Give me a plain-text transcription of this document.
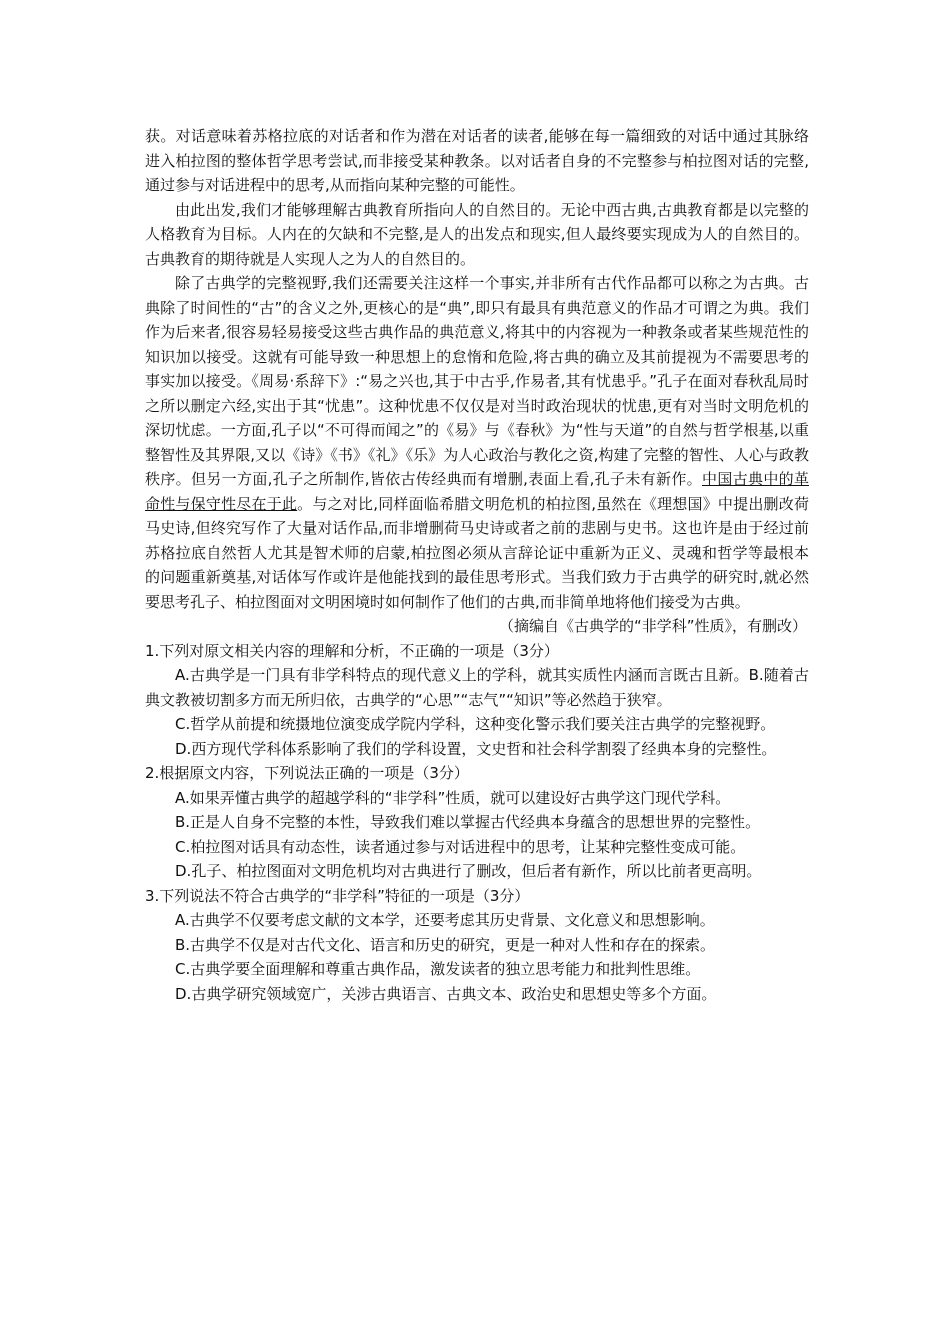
获。对话意味着苏格拉底的对话者和作为潜在对话者的读者,能够在每一篇细致的对话中通过其脉络进入柏拉图的整体哲学思考尝试,而非接受某种教条。以对话者自身的不完整参与柏拉图对话的完整,通过参与对话进程中的思考,从而指向某种完整的可能性。

由此出发,我们才能够理解古典教育所指向人的自然目的。无论中西古典,古典教育都是以完整的人格教育为目标。人内在的欠缺和不完整,是人的出发点和现实,但人最终要实现成为人的自然目的。古典教育的期待就是人实现人之为人的自然目的。

除了古典学的完整视野,我们还需要关注这样一个事实,并非所有古代作品都可以称之为古典。古典除了时间性的“古”的含义之外,更核心的是“典”,即只有最具有典范意义的作品才可谓之为典。我们作为后来者,很容易轻易接受这些古典作品的典范意义,将其中的内容视为一种教条或者某些规范性的知识加以接受。这就有可能导致一种思想上的怠惰和危险,将古典的确立及其前提视为不需要思考的事实加以接受。《周易·系辞下》:“易之兴也,其于中古乎,作易者,其有忧患乎。”孔子在面对春秋乱局时之所以删定六经,实出于其“忧患”。这种忧患不仅仅是对当时政治现状的忧患,更有对当时文明危机的深切忧虑。一方面,孔子以“不可得而闻之”的《易》与《春秋》为“性与天道”的自然与哲学根基,以重整智性及其界限,又以《诗》《书》《礼》《乐》为人心政治与教化之资,构建了完整的智性、人心与政教秩序。但另一方面,孔子之所制作,皆依古传经典而有增删,表面上看,孔子未有新作。中国古典中的革命性与保守性尽在于此。与之对比,同样面临希腊文明危机的柏拉图,虽然在《理想国》中提出删改荷马史诗,但终究写作了大量对话作品,而非增删荷马史诗或者之前的悲剧与史书。这也许是由于经过前苏格拉底自然哲人尤其是智术师的启蒙,柏拉图必须从言辞论证中重新为正义、灵魂和哲学等最根本的问题重新奠基,对话体写作或许是他能找到的最佳思考形式。当我们致力于古典学的研究时,就必然要思考孔子、柏拉图面对文明困境时如何制作了他们的古典,而非简单地将他们接受为古典。

（摘编自《古典学的“非学科”性质》，有删改）

1.下列对原文相关内容的理解和分析，不正确的一项是（3分）

A.古典学是一门具有非学科特点的现代意义上的学科，就其实质性内涵而言既古且新。B.随着古典文教被切割多方而无所归依，古典学的“心思”“志气”“知识”等必然趋于狭窄。

C.哲学从前提和统摄地位演变成学院内学科，这种变化警示我们要关注古典学的完整视野。

D.西方现代学科体系影响了我们的学科设置，文史哲和社会科学割裂了经典本身的完整性。

2.根据原文内容，下列说法正确的一项是（3分）

A.如果弄懂古典学的超越学科的“非学科”性质，就可以建设好古典学这门现代学科。

B.正是人自身不完整的本性，导致我们难以掌握古代经典本身蕴含的思想世界的完整性。

C.柏拉图对话具有动态性，读者通过参与对话进程中的思考，让某种完整性变成可能。

D.孔子、柏拉图面对文明危机均对古典进行了删改，但后者有新作，所以比前者更高明。

3.下列说法不符合古典学的“非学科”特征的一项是（3分）

A.古典学不仅要考虑文献的文本学，还要考虑其历史背景、文化意义和思想影响。

B.古典学不仅是对古代文化、语言和历史的研究，更是一种对人性和存在的探索。

C.古典学要全面理解和尊重古典作品，激发读者的独立思考能力和批判性思维。

D.古典学研究领域宽广，关涉古典语言、古典文本、政治史和思想史等多个方面。
